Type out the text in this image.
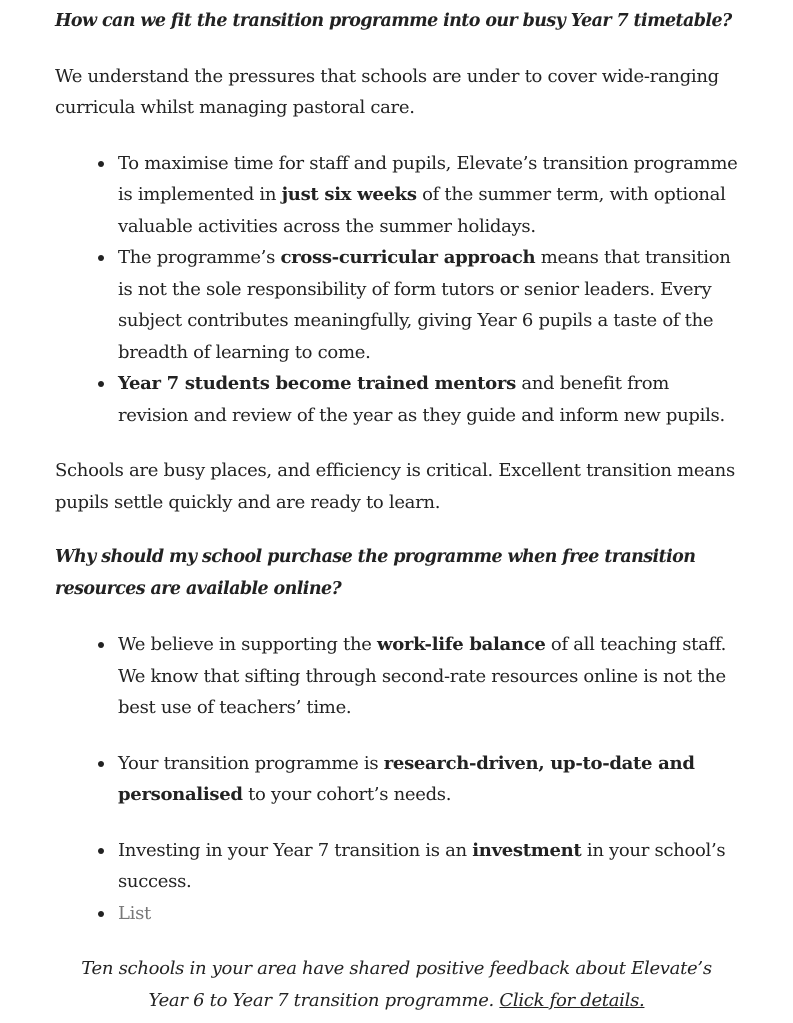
How can we fit the transition programme into our busy Year 7 timetable?

We understand the pressures that schools are under to cover wide-ranging curricula whilst managing pastoral care.

To maximise time for staff and pupils, Elevate’s transition programme is implemented in just six weeks of the summer term, with optional valuable activities across the summer holidays.
The programme’s cross-curricular approach means that transition is not the sole responsibility of form tutors or senior leaders. Every subject contributes meaningfully, giving Year 6 pupils a taste of the breadth of learning to come.
Year 7 students become trained mentors and benefit from revision and review of the year as they guide and inform new pupils.

Schools are busy places, and efficiency is critical. Excellent transition means pupils settle quickly and are ready to learn.

Why should my school purchase the programme when free transition resources are available online?
We believe in supporting the work-life balance of all teaching staff. We know that sifting through second-rate resources online is not the best use of teachers’ time.
Your transition programme is research-driven, up-to-date and personalised to your cohort’s needs.
Investing in your Year 7 transition is an investment in your school’s success.
List

Ten schools in your area have shared positive feedback about Elevate’s Year 6 to Year 7 transition programme. Click for details.
